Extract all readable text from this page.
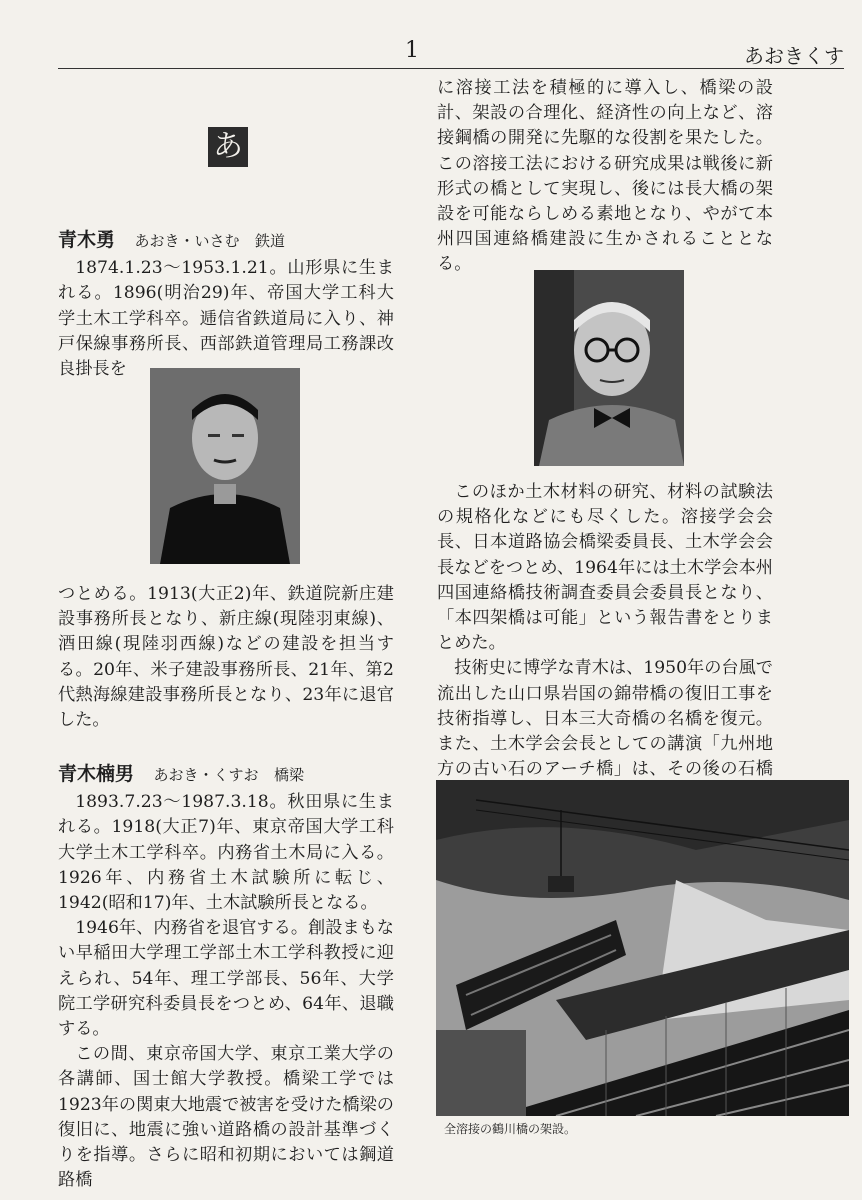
1	あおきくす
あ
青木勇 あおき・いさむ 鉄道

1874.1.23〜1953.1.21。山形県に生まれる。1896(明治29)年、帝国大学工科大学土木工学科卒。逓信省鉄道局に入り、神戸保線事務所長、西部鉄道管理局工務課改良掛長を

つとめる。1913(大正2)年、鉄道院新庄建設事務所長となり、新庄線(現陸羽東線)、酒田線(現陸羽西線)などの建設を担当する。20年、米子建設事務所長、21年、第2代熱海線建設事務所長となり、23年に退官した。

青木楠男 あおき・くすお 橋梁

1893.7.23〜1987.3.18。秋田県に生まれる。1918(大正7)年、東京帝国大学工科大学土木工学科卒。内務省土木局に入る。1926年、内務省土木試験所に転じ、1942(昭和17)年、土木試験所長となる。

1946年、内務省を退官する。創設まもない早稲田大学理工学部土木工学科教授に迎えられ、54年、理工学部長、56年、大学院工学研究科委員長をつとめ、64年、退職する。

この間、東京帝国大学、東京工業大学の各講師、国士館大学教授。橋梁工学では1923年の関東大地震で被害を受けた橋梁の復旧に、地震に強い道路橋の設計基準づくりを指導。さらに昭和初期においては鋼道路橋

に溶接工法を積極的に導入し、橋梁の設計、架設の合理化、経済性の向上など、溶接鋼橋の開発に先駆的な役割を果たした。この溶接工法における研究成果は戦後に新形式の橋として実現し、後には長大橋の架設を可能ならしめる素地となり、やがて本州四国連絡橋建設に生かされることとなる。

このほか土木材料の研究、材料の試験法の規格化などにも尽くした。溶接学会会長、日本道路協会橋梁委員長、土木学会会長などをつとめ、1964年には土木学会本州四国連絡橋技術調査委員会委員長となり、「本四架橋は可能」という報告書をとりまとめた。

技術史に博学な青木は、1950年の台風で流出した山口県岩国の錦帯橋の復旧工事を技術指導し、日本三大奇橋の名橋を復元。また、土木学会会長としての講演「九州地方の古い石のアーチ橋」は、その後の石橋

全溶接の鶴川橋の架設。
